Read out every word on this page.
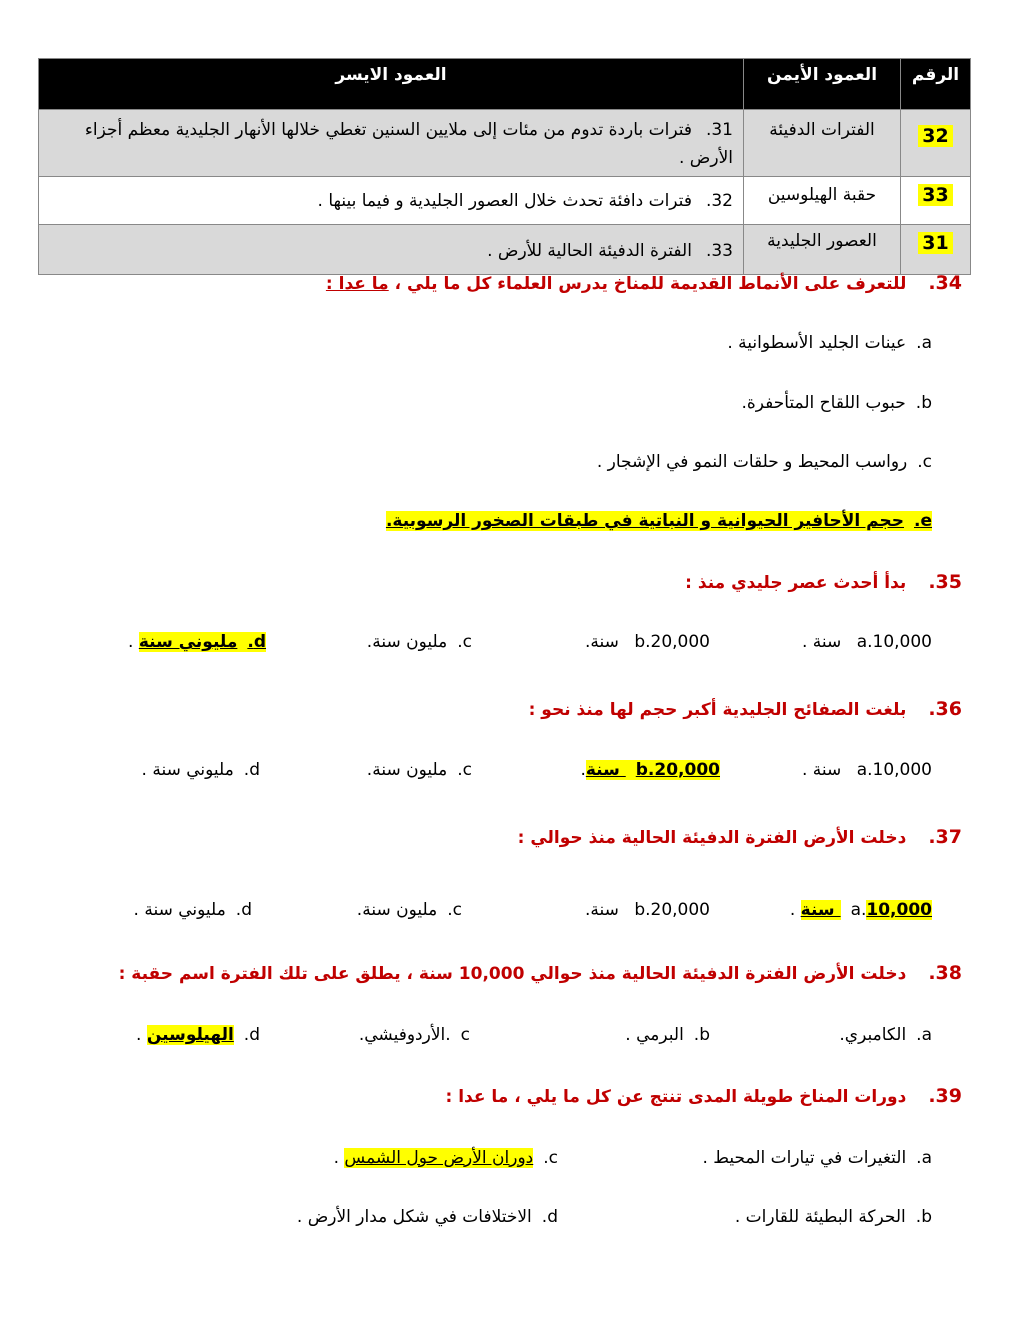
الرقم	العمود الأيمن	العمود الايسر
32	الفترات الدفيئة	31.فترات باردة تدوم من مئات إلى ملايين السنين تغطي خلالها الأنهار الجليدية معظم أجزاء الأرض .
33	حقبة الهيلوسين	32.فترات دافئة تحدث خلال العصور الجليدية و فيما بينها .
31	العصور الجليدية	33.الفترة الدفيئة الحالية للأرض .
34.للتعرف على الأنماط القديمة للمناخ يدرس العلماء كل ما يلي ، ما عدا :
a.عينات الجليد الأسطوانية .
b.حبوب اللقاح المتأحفرة.
c.رواسب المحيط و حلقات النمو في الإشجار .
e.حجم الأحافير الحيوانية و النباتية في طبقات الصخور الرسوبية.
35.بدأ أحدث عصر جليدي منذ :
a.10,000 سنة .
b.20,000 سنة.
c.مليون سنة.
d.مليوني سنة .
36.بلغت الصفائح الجليدية أكبر حجم لها منذ نحو :
a.10,000 سنة .
b.20,000 سنة.
c.مليون سنة.
d.مليوني سنة .
37.دخلت الأرض الفترة الدفيئة الحالية منذ حوالي :
a.10,000 سنة .
b.20,000 سنة.
c.مليون سنة.
d.مليوني سنة .
38.دخلت الأرض الفترة الدفيئة الحالية منذ حوالي 10,000 سنة ، يطلق على تلك الفترة اسم حقبة :
a.الكامبري.
b.البرمي .
c.الأردوفيشي.
d.الهيلوسين .
39.دورات المناخ طويلة المدى تنتج عن كل ما يلي ، ما عدا :
a.التغيرات في تيارات المحيط .
c.دوران الأرض حول الشمس .
b.الحركة البطيئة للقارات .
d.الاختلافات في شكل مدار الأرض .
